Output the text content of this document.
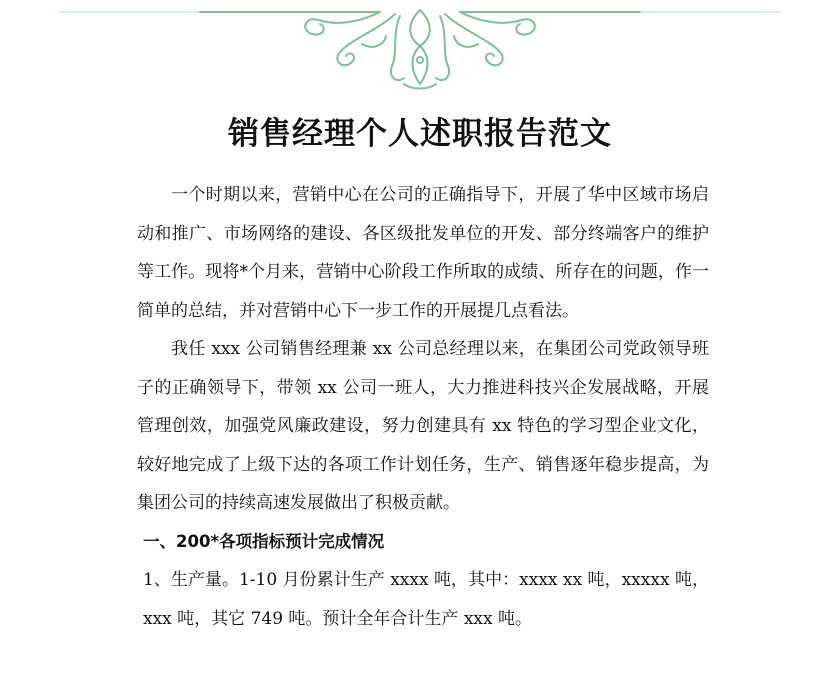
销售经理个人述职报告范文

一个时期以来，营销中心在公司的正确指导下，开展了华中区域市场启动和推广、市场网络的建设、各区级批发单位的开发、部分终端客户的维护等工作。现将*个月来，营销中心阶段工作所取的成绩、所存在的问题，作一简单的总结，并对营销中心下一步工作的开展提几点看法。

我任 xxx 公司销售经理兼 xx 公司总经理以来，在集团公司党政领导班子的正确领导下，带领 xx 公司一班人，大力推进科技兴企发展战略，开展管理创效，加强党风廉政建设，努力创建具有 xx 特色的学习型企业文化，较好地完成了上级下达的各项工作计划任务，生产、销售逐年稳步提高，为集团公司的持续高速发展做出了积极贡献。

一、200*各项指标预计完成情况

1、生产量。1-10 月份累计生产 xxxx 吨，其中：xxxx xx 吨，xxxxx 吨，xxx 吨，其它 749 吨。预计全年合计生产 xxx 吨。
